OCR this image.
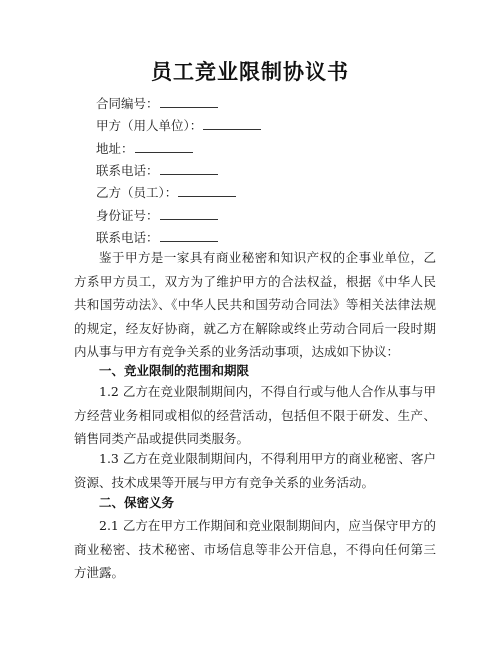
员工竞业限制协议书
合同编号：
甲方（用人单位）：
地址：
联系电话：
乙方（员工）：
身份证号：
联系电话：

鉴于甲方是一家具有商业秘密和知识产权的企事业单位，乙方系甲方员工，双方为了维护甲方的合法权益，根据《中华人民共和国劳动法》、《中华人民共和国劳动合同法》等相关法律法规的规定，经友好协商，就乙方在解除或终止劳动合同后一段时期内从事与甲方有竞争关系的业务活动事项，达成如下协议：

一、竞业限制的范围和期限

1.2 乙方在竞业限制期间内，不得自行或与他人合作从事与甲方经营业务相同或相似的经营活动，包括但不限于研发、生产、销售同类产品或提供同类服务。

1.3 乙方在竞业限制期间内，不得利用甲方的商业秘密、客户资源、技术成果等开展与甲方有竞争关系的业务活动。

二、保密义务

2.1 乙方在甲方工作期间和竞业限制期间内，应当保守甲方的商业秘密、技术秘密、市场信息等非公开信息，不得向任何第三方泄露。
